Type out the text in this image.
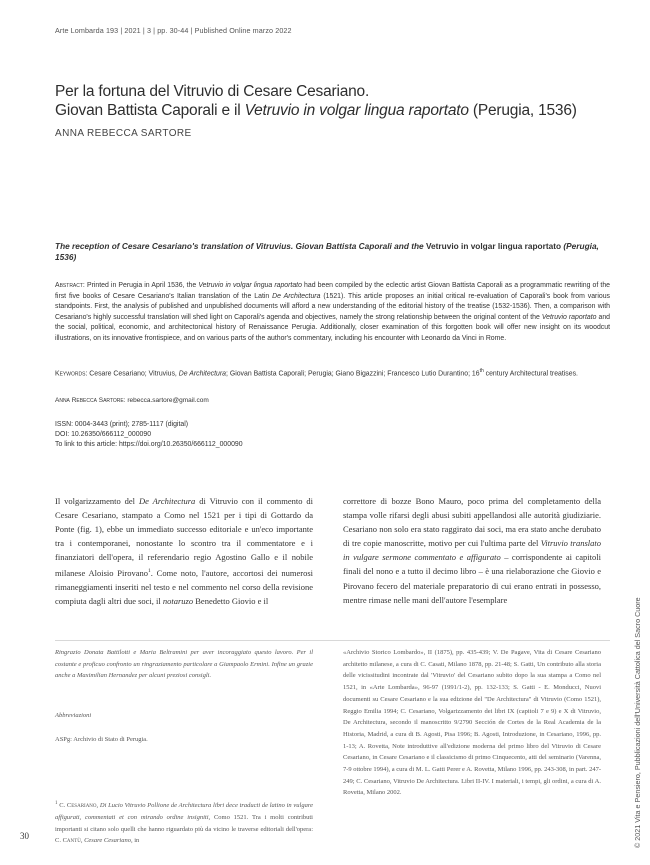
Arte Lombarda 193 | 2021 | 3 | pp. 30-44 | Published Online marzo 2022
Per la fortuna del Vitruvio di Cesare Cesariano.
Giovan Battista Caporali e il Vetruvio in volgar lingua raportato (Perugia, 1536)
ANNA REBECCA SARTORE
The reception of Cesare Cesariano's translation of Vitruvius. Giovan Battista Caporali and the Vetruvio in volgar lingua raportato (Perugia, 1536)
Abstract: Printed in Perugia in April 1536, the Vetruvio in volgar lingua raportato had been compiled by the eclectic artist Giovan Battista Caporali as a programmatic rewriting of the first five books of Cesare Cesariano's Italian translation of the Latin De Architectura (1521). This article proposes an initial critical re-evaluation of Caporali's book from various standpoints. First, the analysis of published and unpublished documents will afford a new understanding of the editorial history of the treatise (1532-1536). Then, a comparison with Cesariano's highly successful translation will shed light on Caporali's agenda and objectives, namely the strong relationship between the original content of the Vetruvio raportato and the social, political, economic, and architectonical history of Renaissance Perugia. Additionally, closer examination of this forgotten book will offer new insight on its woodcut illustrations, on its innovative frontispiece, and on various parts of the author's commentary, including his encounter with Leonardo da Vinci in Rome.
Keywords: Cesare Cesariano; Vitruvius, De Architectura; Giovan Battista Caporali; Perugia; Giano Bigazzini; Francesco Lutio Durantino; 16th century Architectural treatises.
Anna Rebecca Sartore: rebecca.sartore@gmail.com
ISSN: 0004-3443 (print); 2785-1117 (digital)
DOI: 10.26350/666112_000090
To link to this article: https://doi.org/10.26350/666112_000090
Il volgarizzamento del De Architectura di Vitruvio con il commento di Cesare Cesariano, stampato a Como nel 1521 per i tipi di Gottardo da Ponte (fig. 1), ebbe un immediato successo editoriale e un'eco importante tra i contemporanei, nonostante lo scontro tra il commentatore e i finanziatori dell'opera, il referendario regio Agostino Gallo e il nobile milanese Aloisio Pirovano$^1$. Come noto, l'autore, accortosi dei numerosi rimaneggiamenti inseriti nel testo e nel commento nel corso della revisione compiuta dagli altri due soci, il notaruzo Benedetto Giovio e il
correttore di bozze Bono Mauro, poco prima del completamento della stampa volle rifarsi degli abusi subiti appellandosi alle autorità giudiziarie. Cesariano non solo era stato raggirato dai soci, ma era stato anche derubato di tre copie manoscritte, motivo per cui l'ultima parte del Vitruvio translato in vulgare sermone commentato e affigurato – corrispondente ai capitoli finali del nono e a tutto il decimo libro – è una rielaborazione che Giovio e Pirovano fecero del materiale preparatorio di cui erano entrati in possesso, mentre rimase nelle mani dell'autore l'esemplare
Ringrazio Donata Battilotti e Maria Beltramini per aver incoraggiato questo lavoro. Per il costante e proficuo confronto un ringraziamento particolare a Giampaolo Ermini. Infine un grazie anche a Maximilian Hernandez per alcuni preziosi consigli.
Abbreviazioni
ASPg: Archivio di Stato di Perugia.
$^1$ C. Cesariano, Di Lucio Vitruvio Pollione de Architectura libri dece traducti de latino in vulgare affigurati, commentati et con mirando ordine insigniti, Como 1521. Tra i molti contributi importanti si citano solo quelli che hanno riguardato più da vicino le traverse editoriali dell'opera: C. Cantù, Cesare Cesariano, in
«Archivio Storico Lombardo», II (1875), pp. 435-439; V. De Pagave, Vita di Cesare Cesariano architetto milanese, a cura di C. Casati, Milano 1878, pp. 21-48; S. Gatti, Un contributo alla storia delle vicissitudini incontrate dal 'Vitruvio' del Cesariano subito dopo la sua stampa a Como nel 1521, in «Arte Lombarda», 96-97 (1991/1-2), pp. 132-133; S. Gatti - E. Monducci, Nuovi documenti su Cesare Cesariano e la sua edizione del "De Architectura" di Vitruvio (Como 1521), Reggio Emilia 1994; C. Cesariano, Volgarizzamento dei libri IX (capitoli 7 e 9) e X di Vitruvio, De Architectura, secondo il manoscritto 9/2790 Sección de Cortes de la Real Academia de la Historia, Madrid, a cura di B. Agosti, Pisa 1996; B. Agosti, Introduzione, in Cesariano, 1996, pp. 1-13; A. Rovetta, Note introduttive all'edizione moderna del primo libro del Vitruvio di Cesare Cesariano, in Cesare Cesariano e il classicismo di primo Cinquecento, atti del seminario (Varenna, 7-9 ottobre 1994), a cura di M. L. Gatti Perer e A. Rovetta, Milano 1996, pp. 243-308, in part. 247-249; C. Cesariano, Vitruvio De Architectura. Libri II-IV. I materiali, i tempi, gli ordini, a cura di A. Rovetta, Milano 2002.
30	© 2021 Vita e Pensiero, Pubblicazioni dell'Università Cattolica del Sacro Cuore
